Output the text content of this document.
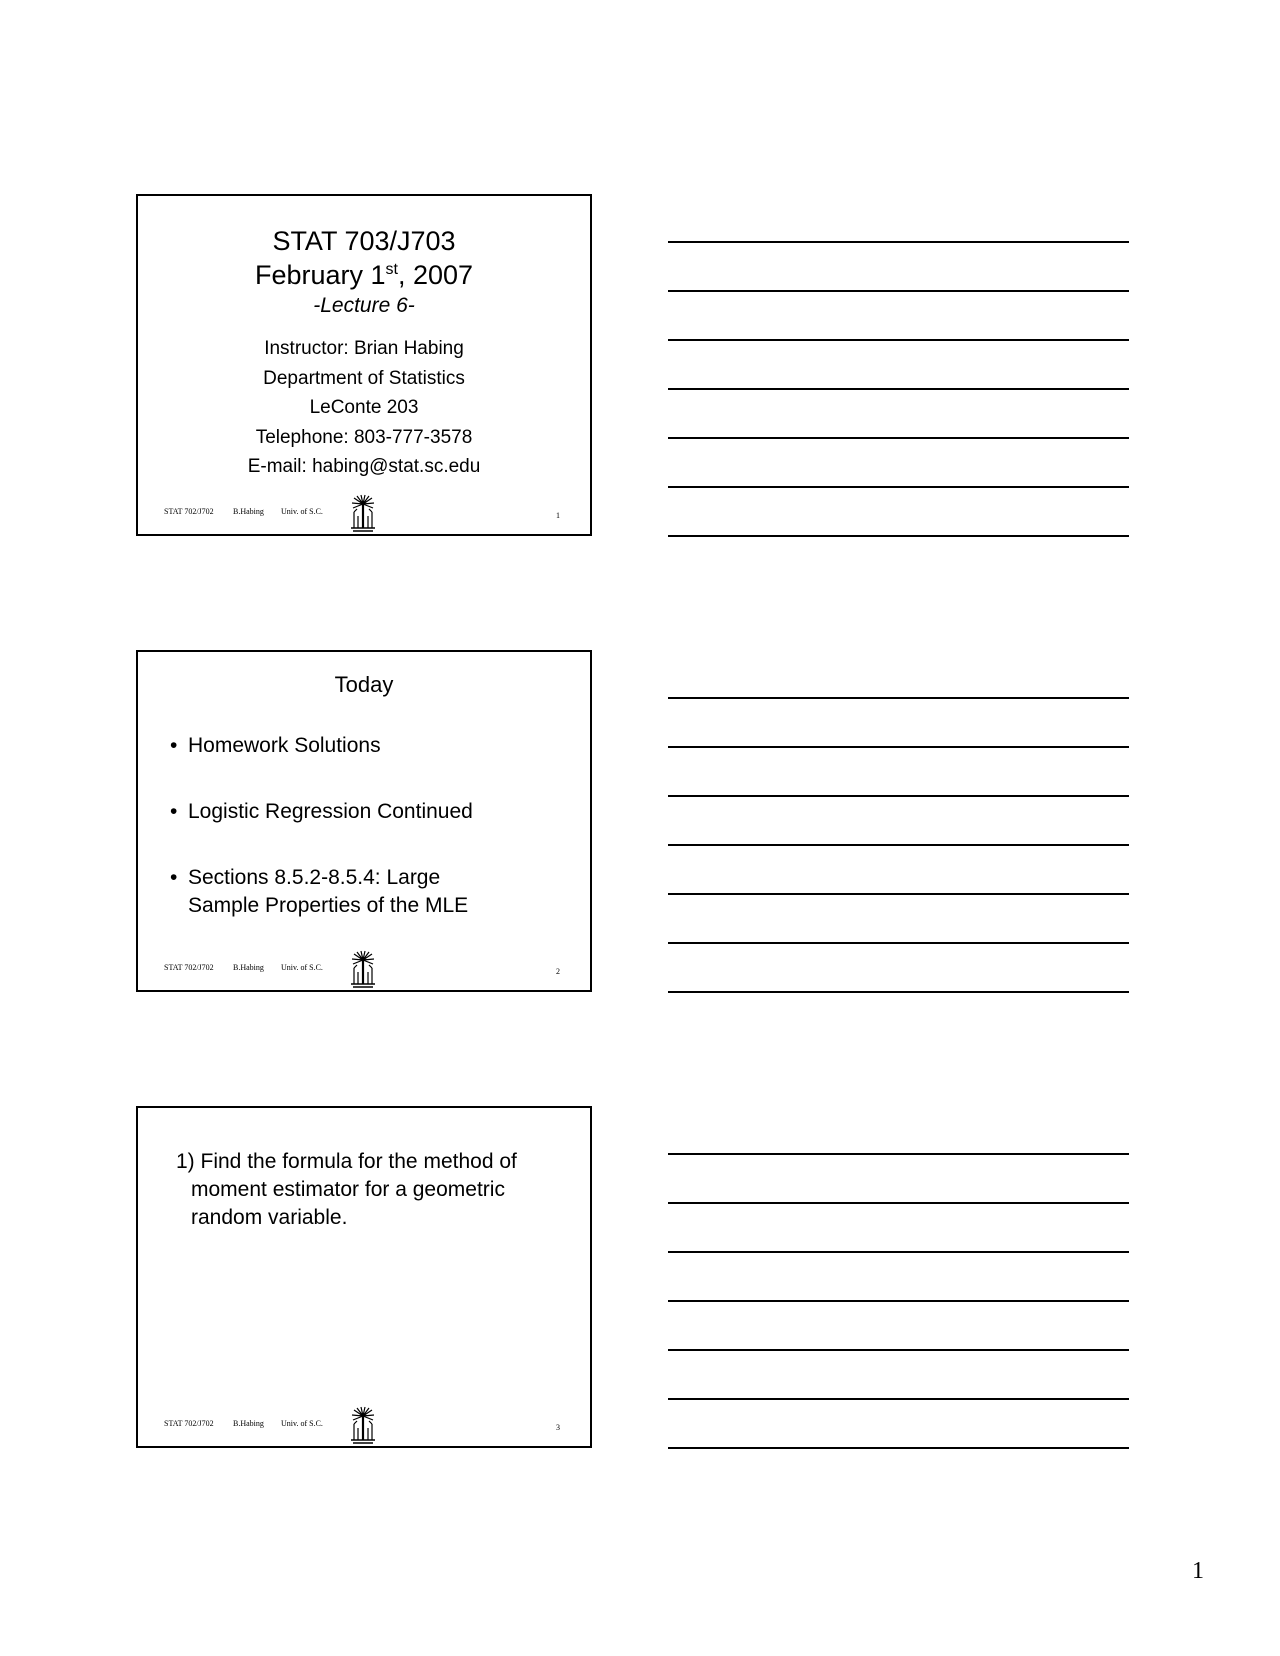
STAT 703/J703
February 1st, 2007
-Lecture 6-
Instructor: Brian Habing
Department of Statistics
LeConte 203
Telephone: 803-777-3578
E-mail: habing@stat.sc.edu
STAT 702/J702 B.Habing Univ. of S.C.	1
Today
• Homework Solutions
• Logistic Regression Continued
• Sections 8.5.2-8.5.4: Large
Sample Properties of the MLE
STAT 702/J702 B.Habing Univ. of S.C.	2
1) Find the formula for the method of
moment estimator for a geometric
random variable.
STAT 702/J702 B.Habing Univ. of S.C.	3
1
